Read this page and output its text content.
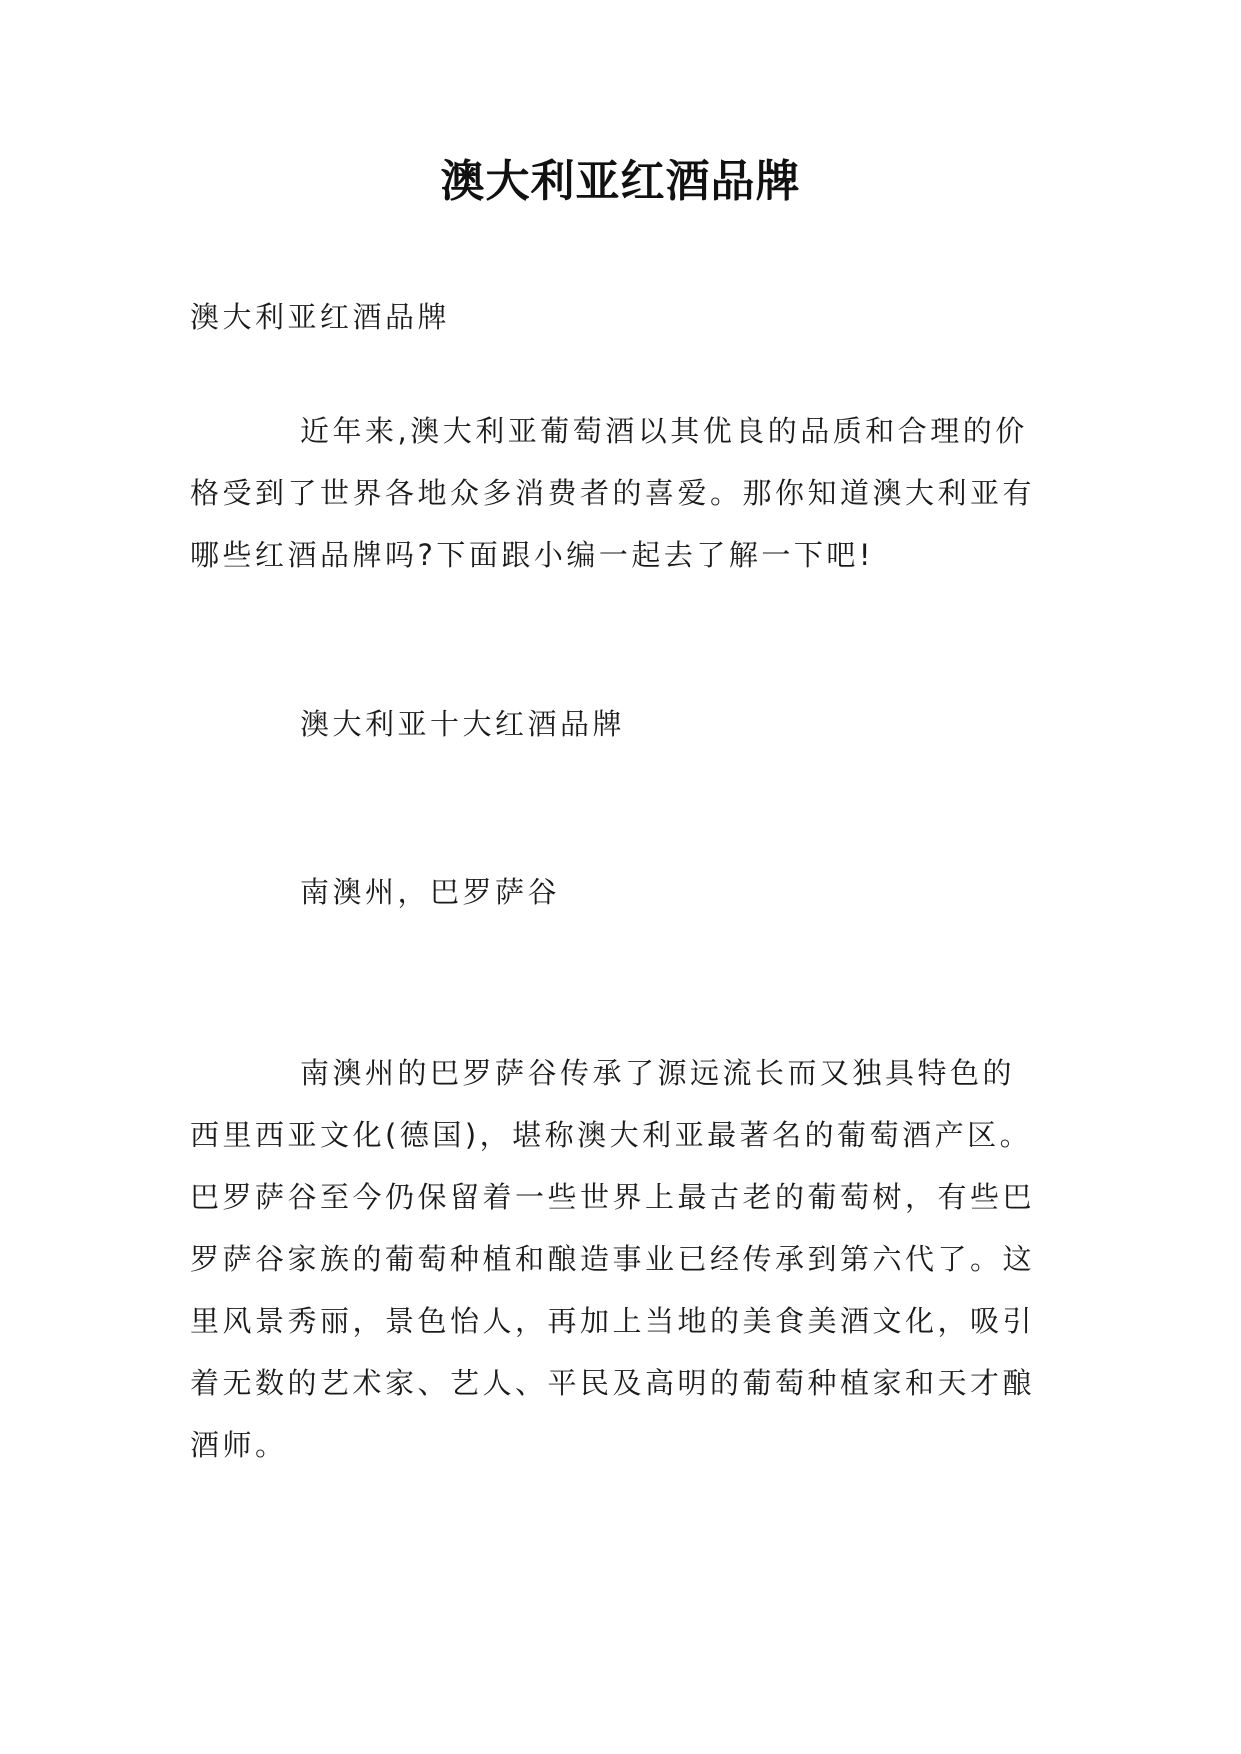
澳大利亚红酒品牌
澳大利亚红酒品牌
近年来,澳大利亚葡萄酒以其优良的品质和合理的价
格受到了世界各地众多消费者的喜爱。那你知道澳大利亚有
哪些红酒品牌吗?下面跟小编一起去了解一下吧!
澳大利亚十大红酒品牌
南澳州，巴罗萨谷
南澳州的巴罗萨谷传承了源远流长而又独具特色的
西里西亚文化(德国)，堪称澳大利亚最著名的葡萄酒产区。
巴罗萨谷至今仍保留着一些世界上最古老的葡萄树，有些巴
罗萨谷家族的葡萄种植和酿造事业已经传承到第六代了。这
里风景秀丽，景色怡人，再加上当地的美食美酒文化，吸引
着无数的艺术家、艺人、平民及高明的葡萄种植家和天才酿
酒师。
